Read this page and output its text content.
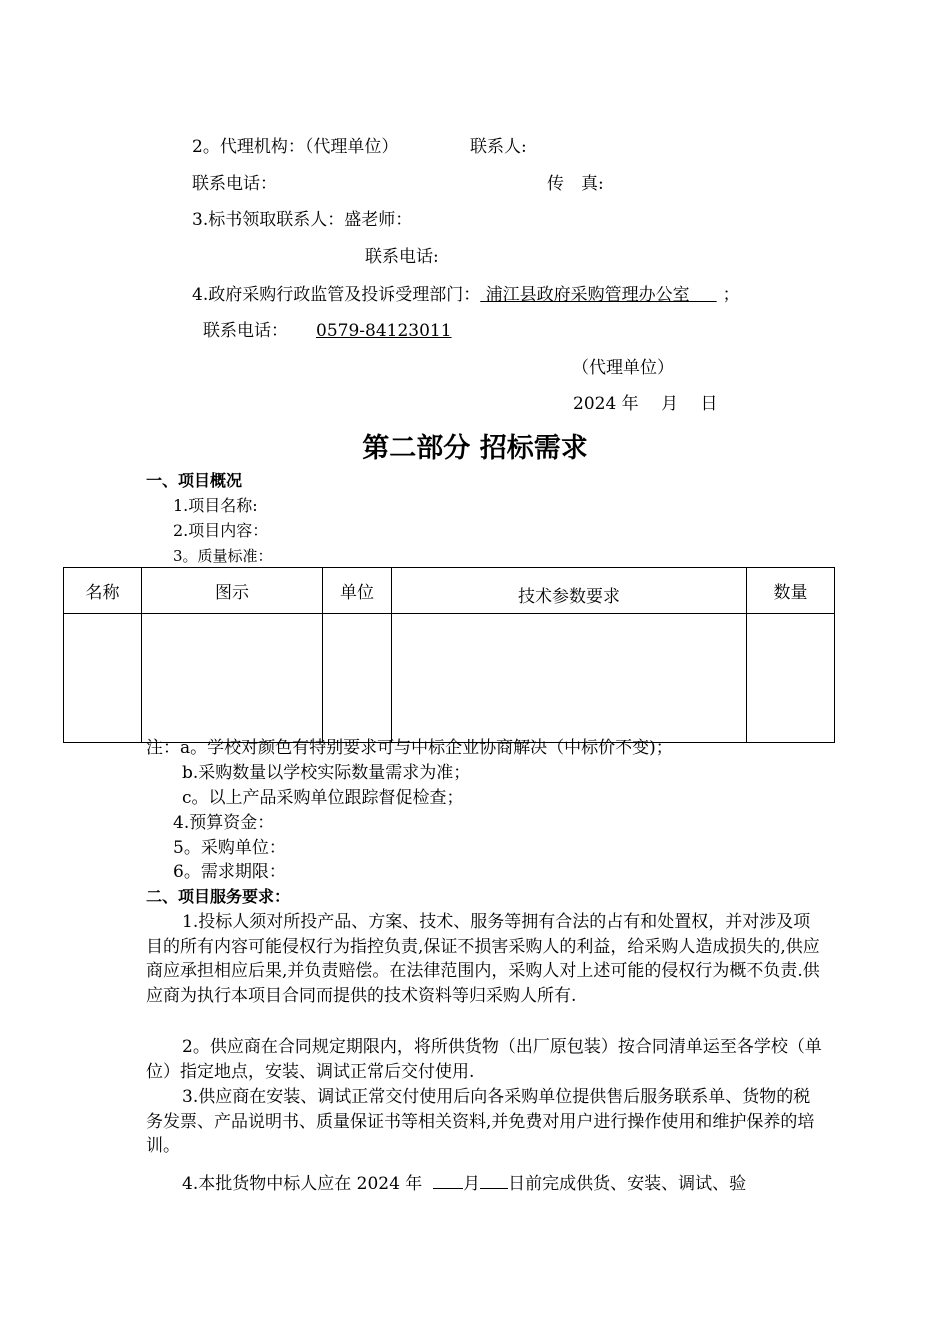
2。代理机构：（代理单位）	联系人:
联系电话：	传　真:
3.标书领取联系人：盛老师：
联系电话:
4.政府采购行政监管及投诉受理部门： 浦江县政府采购管理办公室 ；
联系电话： 0579-84123011
（代理单位）
2024 年　 月　 日
第二部分 招标需求
一、项目概况
1.项目名称:
2.项目内容：
3。质量标准：
名称	图示	单位	技术参数要求	数量

注：a。学校对颜色有特别要求可与中标企业协商解决（中标价不变)；
b.采购数量以学校实际数量需求为准；
c。以上产品采购单位跟踪督促检查；
4.预算资金：
5。采购单位：
6。需求期限：
二、项目服务要求：
1.投标人须对所投产品、方案、技术、服务等拥有合法的占有和处置权，并对涉及项目的所有内容可能侵权行为指控负责,保证不损害采购人的利益，给采购人造成损失的,供应商应承担相应后果,并负责赔偿。在法律范围内，采购人对上述可能的侵权行为概不负责.供应商为执行本项目合同而提供的技术资料等归采购人所有.
2。供应商在合同规定期限内，将所供货物（出厂原包装）按合同清单运至各学校（单位）指定地点，安装、调试正常后交付使用.
3.供应商在安装、调试正常交付使用后向各采购单位提供售后服务联系单、货物的税务发票、产品说明书、质量保证书等相关资料,并免费对用户进行操作使用和维护保养的培训。
4.本批货物中标人应在 2024 年 月 日前完成供货、安装、调试、验
